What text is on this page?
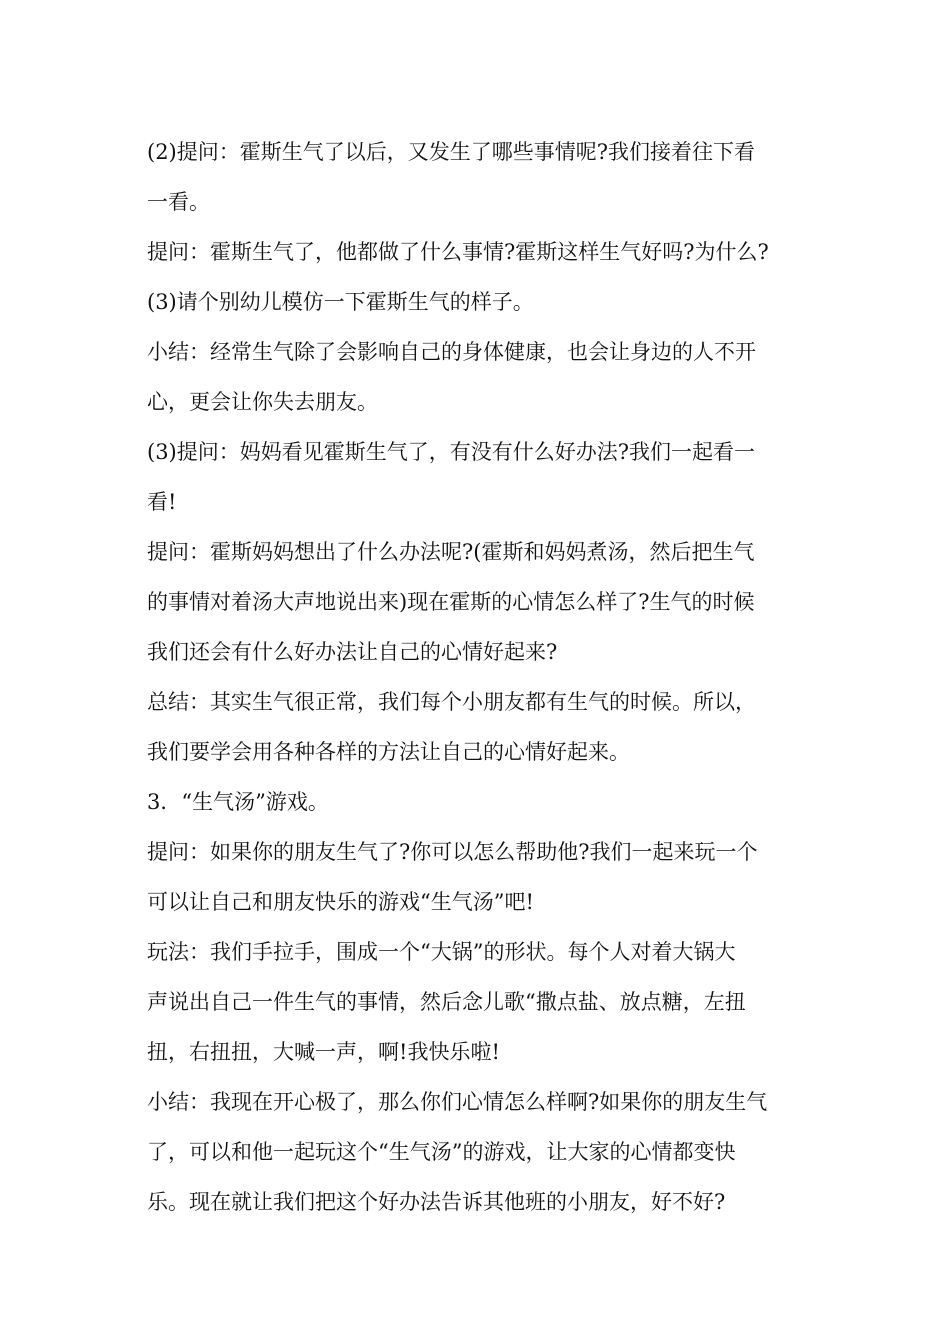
(2)提问：霍斯生气了以后，又发生了哪些事情呢?我们接着往下看
一看。
提问：霍斯生气了，他都做了什么事情?霍斯这样生气好吗?为什么?
(3)请个别幼儿模仿一下霍斯生气的样子。
小结：经常生气除了会影响自己的身体健康，也会让身边的人不开
心，更会让你失去朋友。
(3)提问：妈妈看见霍斯生气了，有没有什么好办法?我们一起看一
看!
提问：霍斯妈妈想出了什么办法呢?(霍斯和妈妈煮汤，然后把生气
的事情对着汤大声地说出来)现在霍斯的心情怎么样了?生气的时候
我们还会有什么好办法让自己的心情好起来?
总结：其实生气很正常，我们每个小朋友都有生气的时候。所以，
我们要学会用各种各样的方法让自己的心情好起来。
3．“生气汤”游戏。
提问：如果你的朋友生气了?你可以怎么帮助他?我们一起来玩一个
可以让自己和朋友快乐的游戏“生气汤”吧!
玩法：我们手拉手，围成一个“大锅”的形状。每个人对着大锅大
声说出自己一件生气的事情，然后念儿歌“撒点盐、放点糖，左扭
扭，右扭扭，大喊一声，啊!我快乐啦!
小结：我现在开心极了，那么你们心情怎么样啊?如果你的朋友生气
了，可以和他一起玩这个“生气汤”的游戏，让大家的心情都变快
乐。现在就让我们把这个好办法告诉其他班的小朋友，好不好?
